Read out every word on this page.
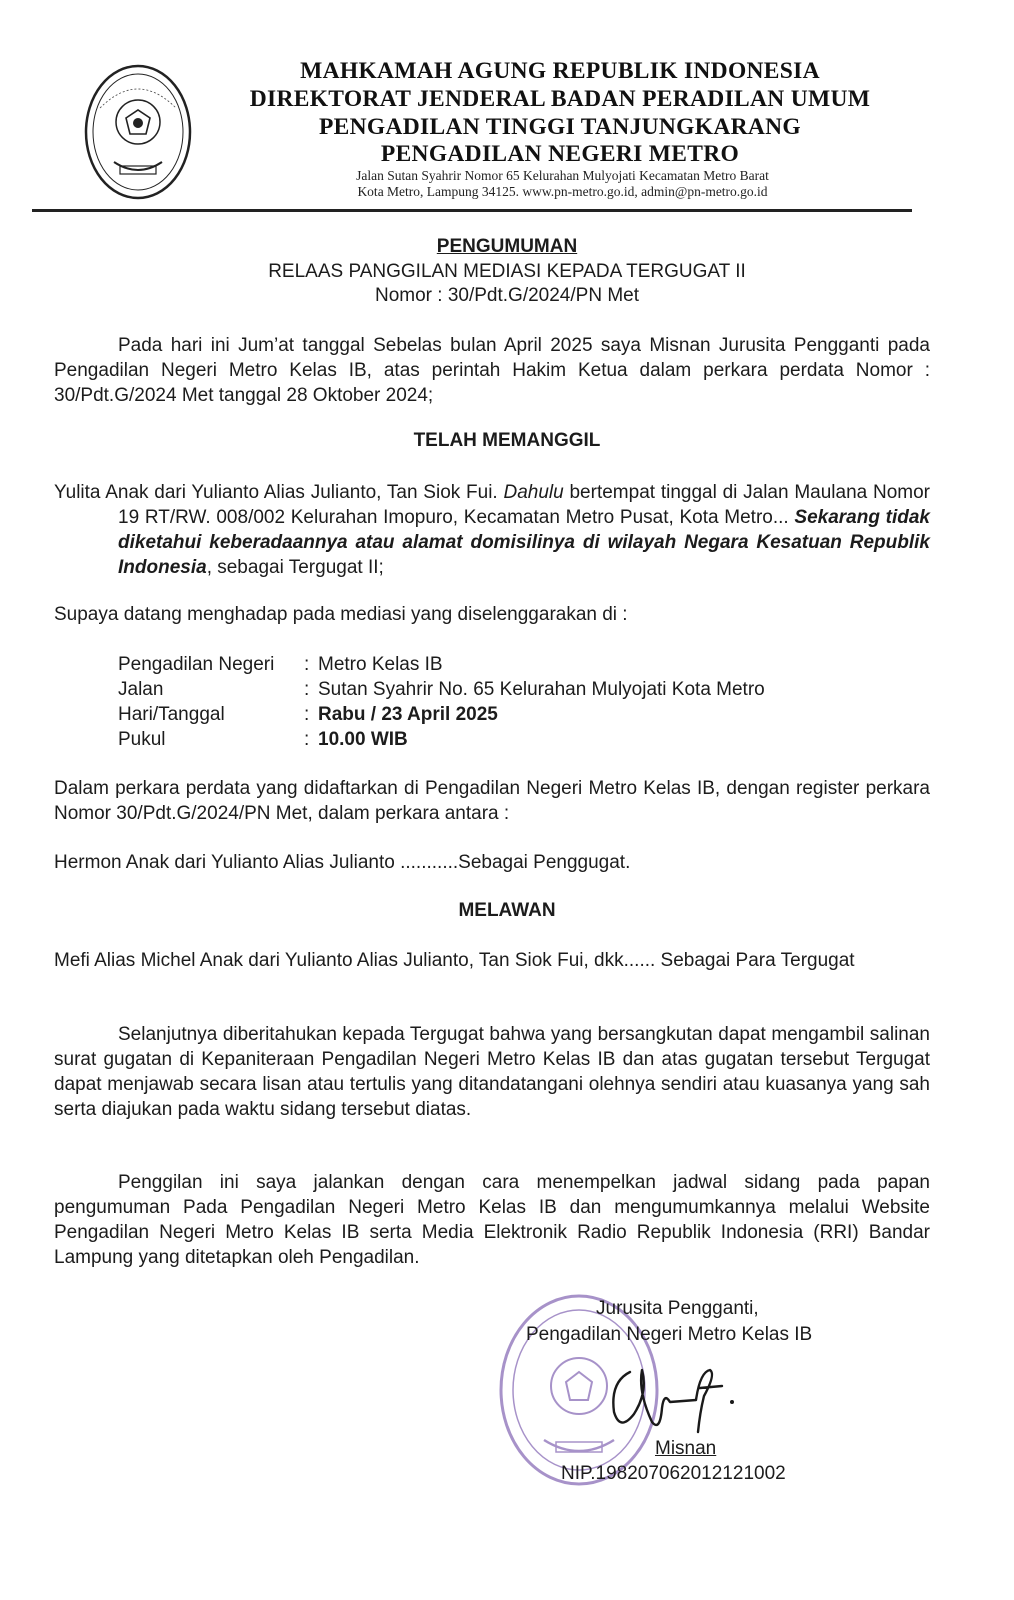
MAHKAMAH AGUNG REPUBLIK INDONESIA
DIREKTORAT JENDERAL BADAN PERADILAN UMUM
PENGADILAN TINGGI TANJUNGKARANG
PENGADILAN NEGERI METRO
Jalan Sutan Syahrir Nomor 65 Kelurahan Mulyojati Kecamatan Metro Barat
Kota Metro, Lampung 34125. www.pn-metro.go.id, admin@pn-metro.go.id
PENGUMUMAN
RELAAS PANGGILAN MEDIASI KEPADA TERGUGAT II
Nomor : 30/Pdt.G/2024/PN Met
Pada hari ini Jum’at tanggal Sebelas bulan April 2025 saya Misnan Jurusita Pengganti pada Pengadilan Negeri Metro Kelas IB, atas perintah Hakim Ketua dalam perkara perdata Nomor : 30/Pdt.G/2024 Met tanggal 28 Oktober 2024;
TELAH MEMANGGIL
Yulita Anak dari Yulianto Alias Julianto, Tan Siok Fui. Dahulu bertempat tinggal di Jalan Maulana Nomor 19 RT/RW. 008/002 Kelurahan Imopuro, Kecamatan Metro Pusat, Kota Metro... Sekarang tidak diketahui keberadaannya atau alamat domisilinya di wilayah Negara Kesatuan Republik Indonesia, sebagai Tergugat II;
Supaya datang menghadap pada mediasi yang diselenggarakan di :
Pengadilan Negeri : Metro Kelas IB
Jalan	: Sutan Syahrir No. 65 Kelurahan Mulyojati Kota Metro
Hari/Tanggal	: Rabu / 23 April 2025
Pukul	: 10.00 WIB
Dalam perkara perdata yang didaftarkan di Pengadilan Negeri Metro Kelas IB, dengan register perkara Nomor 30/Pdt.G/2024/PN Met, dalam perkara antara :
Hermon Anak dari Yulianto Alias Julianto ...........Sebagai Penggugat.
MELAWAN
Mefi Alias Michel Anak dari Yulianto Alias Julianto, Tan Siok Fui, dkk...... Sebagai Para Tergugat
Selanjutnya diberitahukan kepada Tergugat bahwa yang bersangkutan dapat mengambil salinan surat gugatan di Kepaniteraan Pengadilan Negeri Metro Kelas IB dan atas gugatan tersebut Tergugat dapat menjawab secara lisan atau tertulis yang ditandatangani olehnya sendiri atau kuasanya yang sah serta diajukan pada waktu sidang tersebut diatas.
Penggilan ini saya jalankan dengan cara menempelkan jadwal sidang pada papan pengumuman Pada Pengadilan Negeri Metro Kelas IB dan mengumumkannya melalui Website Pengadilan Negeri Metro Kelas IB serta Media Elektronik Radio Republik Indonesia (RRI) Bandar Lampung yang ditetapkan oleh Pengadilan.
Jurusita Pengganti,
Pengadilan Negeri Metro Kelas IB
Misnan
NIP.198207062012121002
